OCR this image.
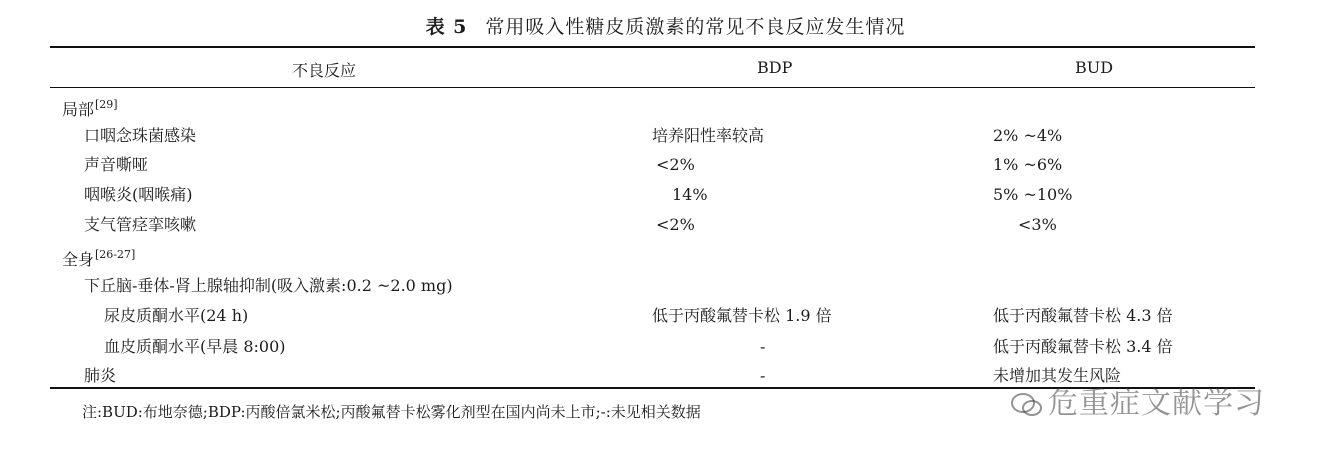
表 5 常用吸入性糖皮质激素的常见不良反应发生情况
不良反应	BDP	BUD
局部[29]
口咽念珠菌感染	培养阳性率较高	2% ~4%
声音嘶哑	<2%	1% ~6%
咽喉炎(咽喉痛)	14%	5% ~10%
支气管痉挛咳嗽	<2%	<3%
全身[26-27]
下丘脑-垂体-肾上腺轴抑制(吸入激素:0.2 ~2.0 mg)
尿皮质酮水平(24 h)	低于丙酸氟替卡松 1.9 倍	低于丙酸氟替卡松 4.3 倍
血皮质酮水平(早晨 8:00)	-	低于丙酸氟替卡松 3.4 倍
肺炎	-	未增加其发生风险
注:BUD:布地奈德;BDP:丙酸倍氯米松;丙酸氟替卡松雾化剂型在国内尚未上市;-:未见相关数据	危重症文献学习
